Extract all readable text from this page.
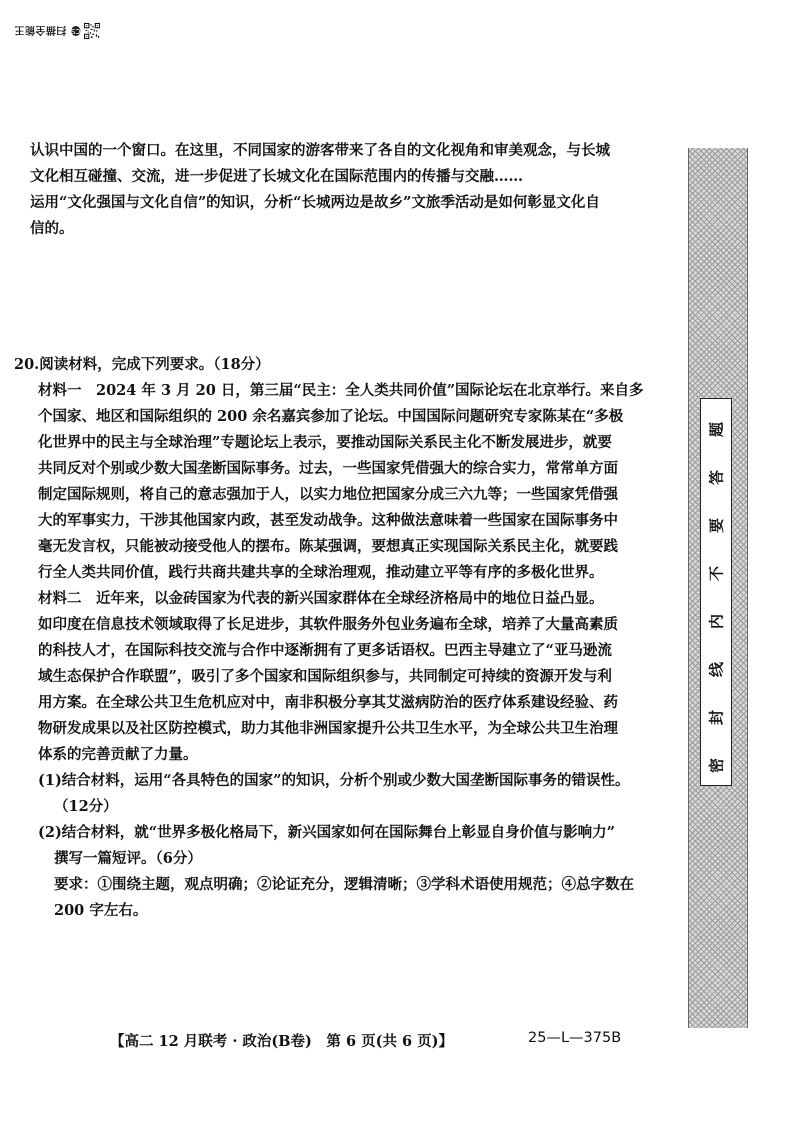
扫描全能王 CS

认识中国的一个窗口。在这里，不同国家的游客带来了各自的文化视角和审美观念，与长城

文化相互碰撞、交流，进一步促进了长城文化在国际范围内的传播与交融……

运用“文化强国与文化自信”的知识，分析“长城两边是故乡”文旅季活动是如何彰显文化自

信的。

20.阅读材料，完成下列要求。（18分）

材料一　2024 年 3 月 20 日，第三届“民主：全人类共同价值”国际论坛在北京举行。来自多

个国家、地区和国际组织的 200 余名嘉宾参加了论坛。中国国际问题研究专家陈某在“多极

化世界中的民主与全球治理”专题论坛上表示，要推动国际关系民主化不断发展进步，就要

共同反对个别或少数大国垄断国际事务。过去，一些国家凭借强大的综合实力，常常单方面

制定国际规则，将自己的意志强加于人，以实力地位把国家分成三六九等；一些国家凭借强

大的军事实力，干涉其他国家内政，甚至发动战争。这种做法意味着一些国家在国际事务中

毫无发言权，只能被动接受他人的摆布。陈某强调，要想真正实现国际关系民主化，就要践

行全人类共同价值，践行共商共建共享的全球治理观，推动建立平等有序的多极化世界。

材料二　近年来，以金砖国家为代表的新兴国家群体在全球经济格局中的地位日益凸显。

如印度在信息技术领域取得了长足进步，其软件服务外包业务遍布全球，培养了大量高素质

的科技人才，在国际科技交流与合作中逐渐拥有了更多话语权。巴西主导建立了“亚马逊流

域生态保护合作联盟”，吸引了多个国家和国际组织参与，共同制定可持续的资源开发与利

用方案。在全球公共卫生危机应对中，南非积极分享其艾滋病防治的医疗体系建设经验、药

物研发成果以及社区防控模式，助力其他非洲国家提升公共卫生水平，为全球公共卫生治理

体系的完善贡献了力量。

(1)结合材料，运用“各具特色的国家”的知识，分析个别或少数大国垄断国际事务的错误性。

（12分）

(2)结合材料，就“世界多极化格局下，新兴国家如何在国际舞台上彰显自身价值与影响力”

撰写一篇短评。（6分）

要求：①围绕主题，观点明确；②论证充分，逻辑清晰；③学科术语使用规范；④总字数在

200 字左右。

密
封
线
内
不
要
答
题
【高二 12 月联考 · 政治(B卷)　第 6 页(共 6 页)】	25—L—375B
